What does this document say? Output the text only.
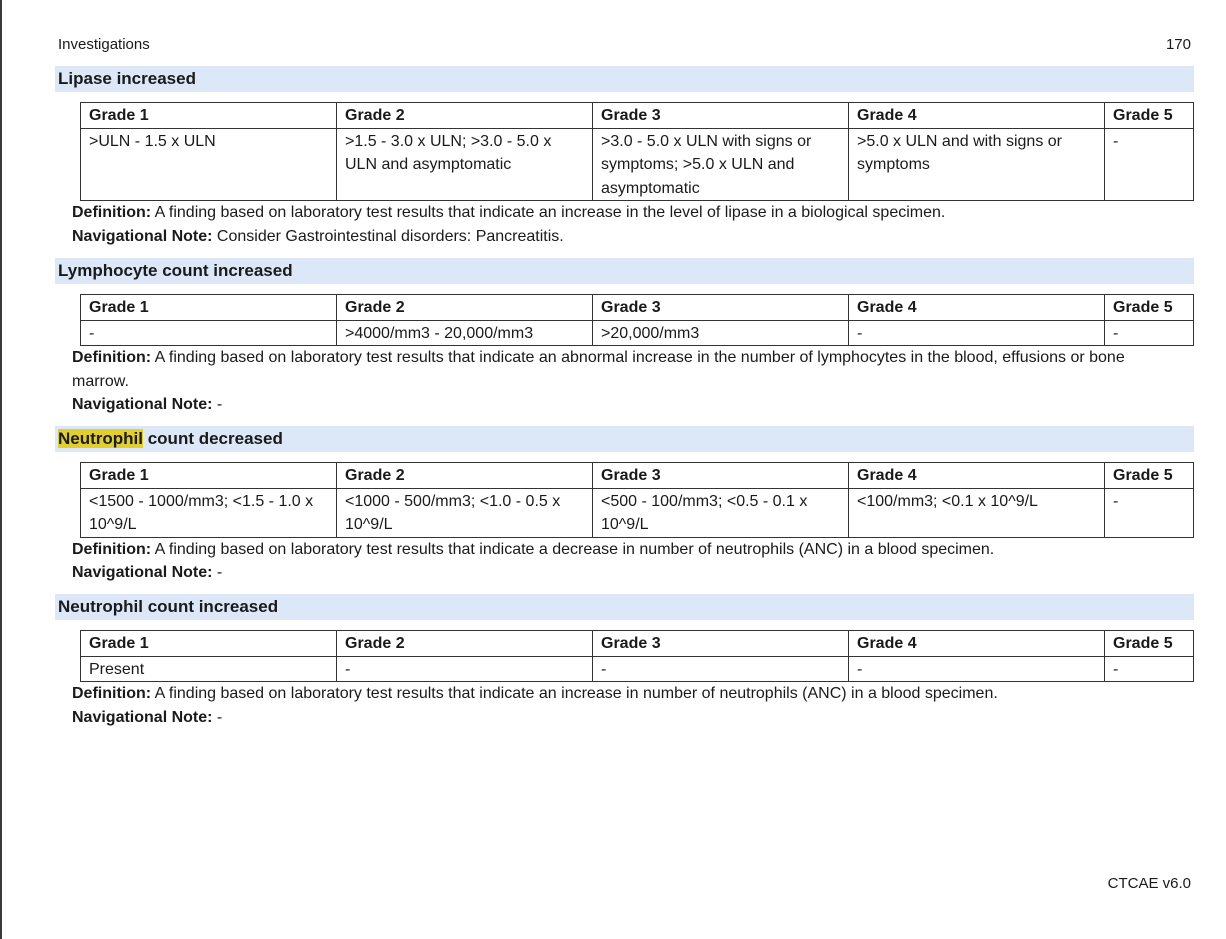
Investigations	170
Lipase increased
Grade 1	Grade 2	Grade 3	Grade 4	Grade 5
>ULN - 1.5 x ULN	>1.5 - 3.0 x ULN; >3.0 - 5.0 x ULN and asymptomatic	>3.0 - 5.0 x ULN with signs or symptoms; >5.0 x ULN and asymptomatic	>5.0 x ULN and with signs or symptoms	-
Definition: A finding based on laboratory test results that indicate an increase in the level of lipase in a biological specimen.
Navigational Note: Consider Gastrointestinal disorders: Pancreatitis.
Lymphocyte count increased
Grade 1	Grade 2	Grade 3	Grade 4	Grade 5
-	>4000/mm3 - 20,000/mm3	>20,000/mm3	-	-
Definition: A finding based on laboratory test results that indicate an abnormal increase in the number of lymphocytes in the blood, effusions or bone marrow.
Navigational Note: -
Neutrophil count decreased
Grade 1	Grade 2	Grade 3	Grade 4	Grade 5
<1500 - 1000/mm3; <1.5 - 1.0 x 10^9/L	<1000 - 500/mm3; <1.0 - 0.5 x 10^9/L	<500 - 100/mm3; <0.5 - 0.1 x 10^9/L	<100/mm3; <0.1 x 10^9/L	-
Definition: A finding based on laboratory test results that indicate a decrease in number of neutrophils (ANC) in a blood specimen.
Navigational Note: -
Neutrophil count increased
Grade 1	Grade 2	Grade 3	Grade 4	Grade 5
Present	-	-	-	-
Definition: A finding based on laboratory test results that indicate an increase in number of neutrophils (ANC) in a blood specimen.
Navigational Note: -
CTCAE v6.0
